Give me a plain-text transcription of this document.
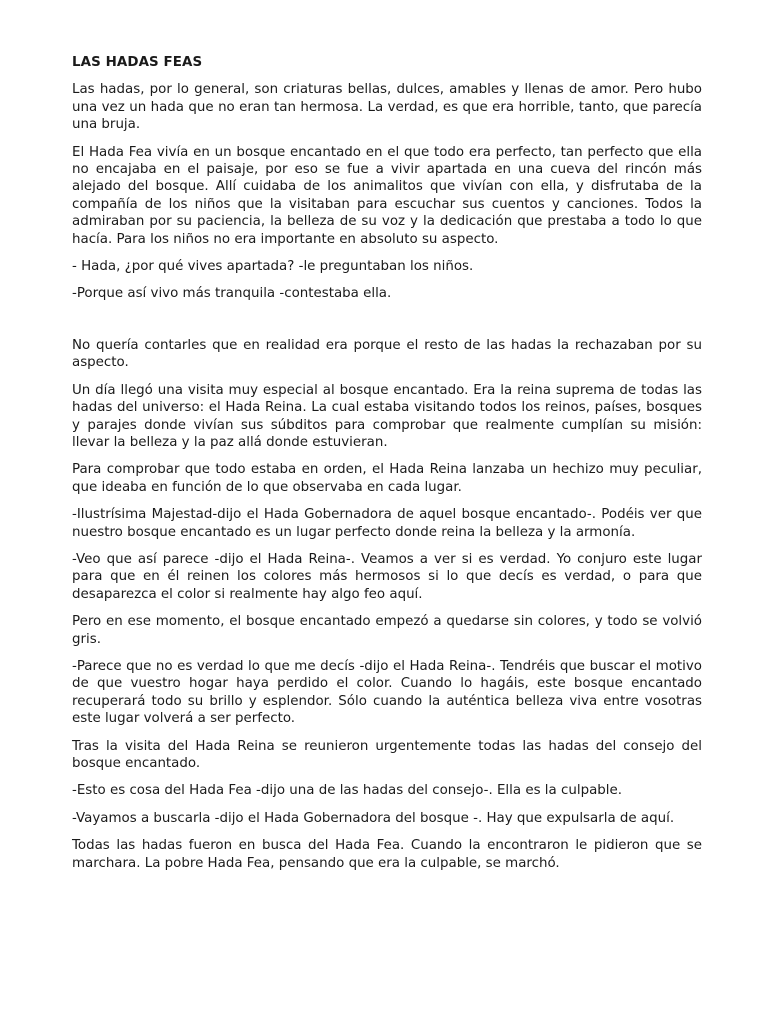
LAS HADAS FEAS

Las hadas, por lo general, son criaturas bellas, dulces, amables y llenas de amor. Pero hubo una vez un hada que no eran tan hermosa. La verdad, es que era horrible, tanto, que parecía una bruja.

El Hada Fea vivía en un bosque encantado en el que todo era perfecto, tan perfecto que ella no encajaba en el paisaje, por eso se fue a vivir apartada en una cueva del rincón más alejado del bosque. Allí cuidaba de los animalitos que vivían con ella, y disfrutaba de la compañía de los niños que la visitaban para escuchar sus cuentos y canciones. Todos la admiraban por su paciencia, la belleza de su voz y la dedicación que prestaba a todo lo que hacía. Para los niños no era importante en absoluto su aspecto.

- Hada, ¿por qué vives apartada? -le preguntaban los niños.

-Porque así vivo más tranquila -contestaba ella.

No quería contarles que en realidad era porque el resto de las hadas la rechazaban por su aspecto.

Un día llegó una visita muy especial al bosque encantado. Era la reina suprema de todas las hadas del universo: el Hada Reina. La cual estaba visitando todos los reinos, países, bosques y parajes donde vivían sus súbditos para comprobar que realmente cumplían su misión: llevar la belleza y la paz allá donde estuvieran.

Para comprobar que todo estaba en orden, el Hada Reina lanzaba un hechizo muy peculiar, que ideaba en función de lo que observaba en cada lugar.

-Ilustrísima Majestad-dijo el Hada Gobernadora de aquel bosque encantado-. Podéis ver que nuestro bosque encantado es un lugar perfecto donde reina la belleza y la armonía.

-Veo que así parece -dijo el Hada Reina-. Veamos a ver si es verdad. Yo conjuro este lugar para que en él reinen los colores más hermosos si lo que decís es verdad, o para que desaparezca el color si realmente hay algo feo aquí.

Pero en ese momento, el bosque encantado empezó a quedarse sin colores, y todo se volvió gris.

-Parece que no es verdad lo que me decís -dijo el Hada Reina-. Tendréis que buscar el motivo de que vuestro hogar haya perdido el color. Cuando lo hagáis, este bosque encantado recuperará todo su brillo y esplendor. Sólo cuando la auténtica belleza viva entre vosotras este lugar volverá a ser perfecto.

Tras la visita del Hada Reina se reunieron urgentemente todas las hadas del consejo del bosque encantado.

-Esto es cosa del Hada Fea -dijo una de las hadas del consejo-. Ella es la culpable.

-Vayamos a buscarla -dijo el Hada Gobernadora del bosque -. Hay que expulsarla de aquí.

Todas las hadas fueron en busca del Hada Fea. Cuando la encontraron le pidieron que se marchara. La pobre Hada Fea, pensando que era la culpable, se marchó.
